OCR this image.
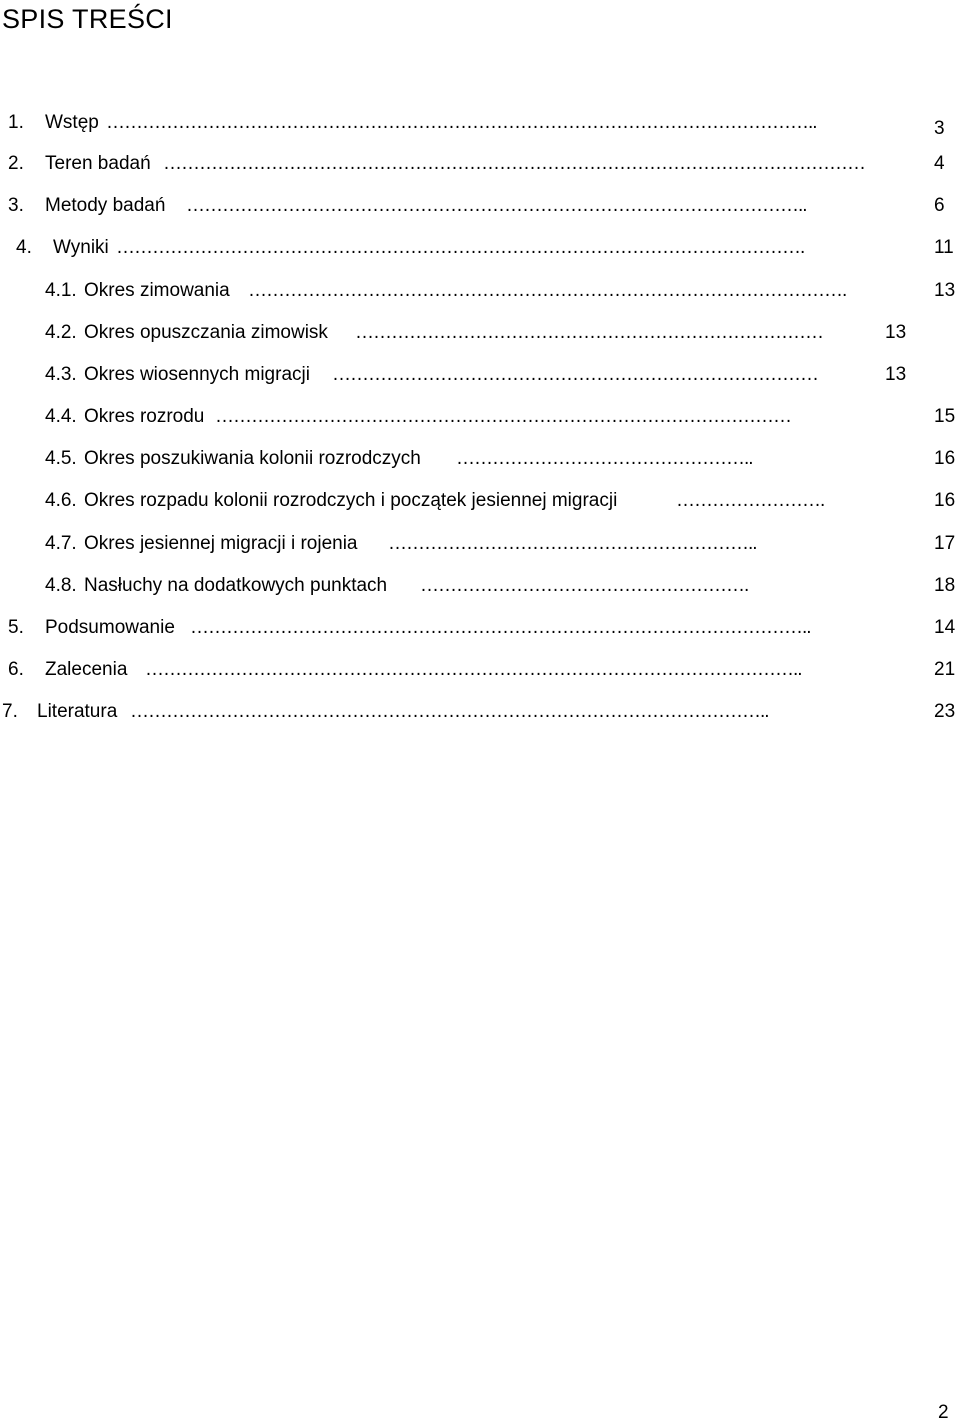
SPIS TREŚCI
1. Wstęp ………………………………………………………………………………………………………..	3
2. Teren badań ………………………………………………………………………………………………………	4
3. Metody badań …………………………………………………………………………………………..	6
4. Wyniki …………………………………………………………………………………………………….	11
4.1. Okres zimowania ……………………………………………………………………………………….	13
4.2. Okres opuszczania zimowisk ……………………………………………………………………	13
4.3. Okres wiosennych migracji ………………………………………………………………………	13
4.4. Okres rozrodu ……………………………………………………………………………………	15
4.5. Okres poszukiwania kolonii rozrodczych …………………………………………..	16
4.6. Okres rozpadu kolonii rozrodczych i początek jesiennej migracji	…………………….	16
4.7. Okres jesiennej migracji i rojenia ……………………………………………………..	17
4.8. Nasłuchy na dodatkowych punktach ……………………………………………….	18
5. Podsumowanie …………………………………………………………………………………………..	14
6. Zalecenia ………………………………………………………………………………………………..	21
7. Literatura ……………………………………………………………………………………………..	23
2
